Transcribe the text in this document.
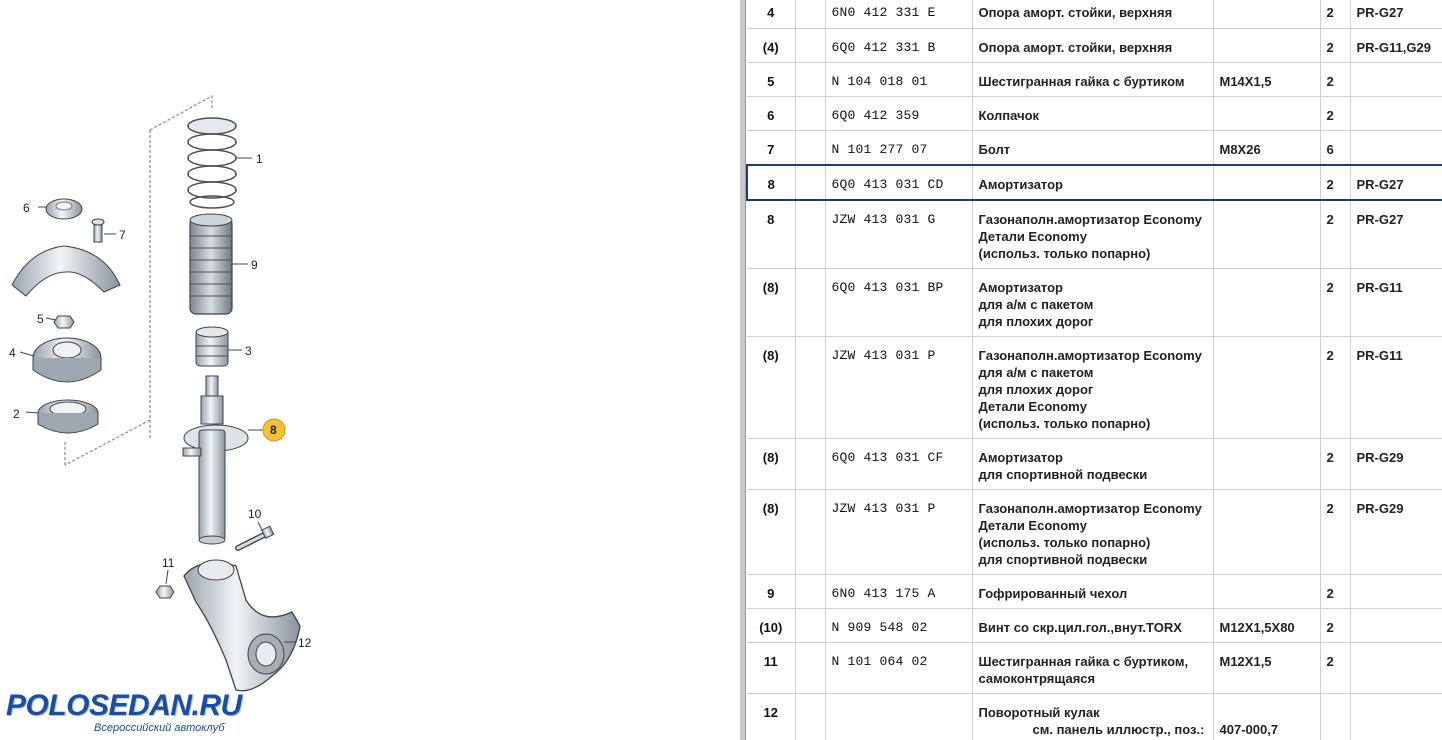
1
2
3
4
5
6
7
8
9
10
11
12
POLOSEDAN.RU
Всероссийский автоклуб
4		6N0 412 331 E	Опора аморт. стойки, верхняя		2	PR-G27
(4)		6Q0 412 331 B	Опора аморт. стойки, верхняя		2	PR-G11,G29
5		N 104 018 01	Шестигранная гайка с буртиком	M14X1,5	2	
6		6Q0 412 359	Колпачок		2	
7		N 101 277 07	Болт	M8X26	6	
8		6Q0 413 031 CD	Амортизатор		2	PR-G27
8		JZW 413 031 G	Газонаполн.амортизатор Economy
Детали Economy
(использ. только попарно)		2	PR-G27
(8)		6Q0 413 031 BP	Амортизатор
для а/м с пакетом
для плохих дорог		2	PR-G11
(8)		JZW 413 031 P	Газонаполн.амортизатор Economy
для а/м с пакетом
для плохих дорог
Детали Economy
(использ. только попарно)		2	PR-G11
(8)		6Q0 413 031 CF	Амортизатор
для спортивной подвески		2	PR-G29
(8)		JZW 413 031 P	Газонаполн.амортизатор Economy
Детали Economy
(использ. только попарно)
для спортивной подвески		2	PR-G29
9		6N0 413 175 A	Гофрированный чехол		2	
(10)		N 909 548 02	Винт со скр.цил.гол.,внут.TORX	M12X1,5X80	2	
11		N 101 064 02	Шестигранная гайка с буртиком,
самоконтрящаяся	M12X1,5	2	
12			Поворотный кулак
см. панель иллюстр., поз.:	407-000,7		
